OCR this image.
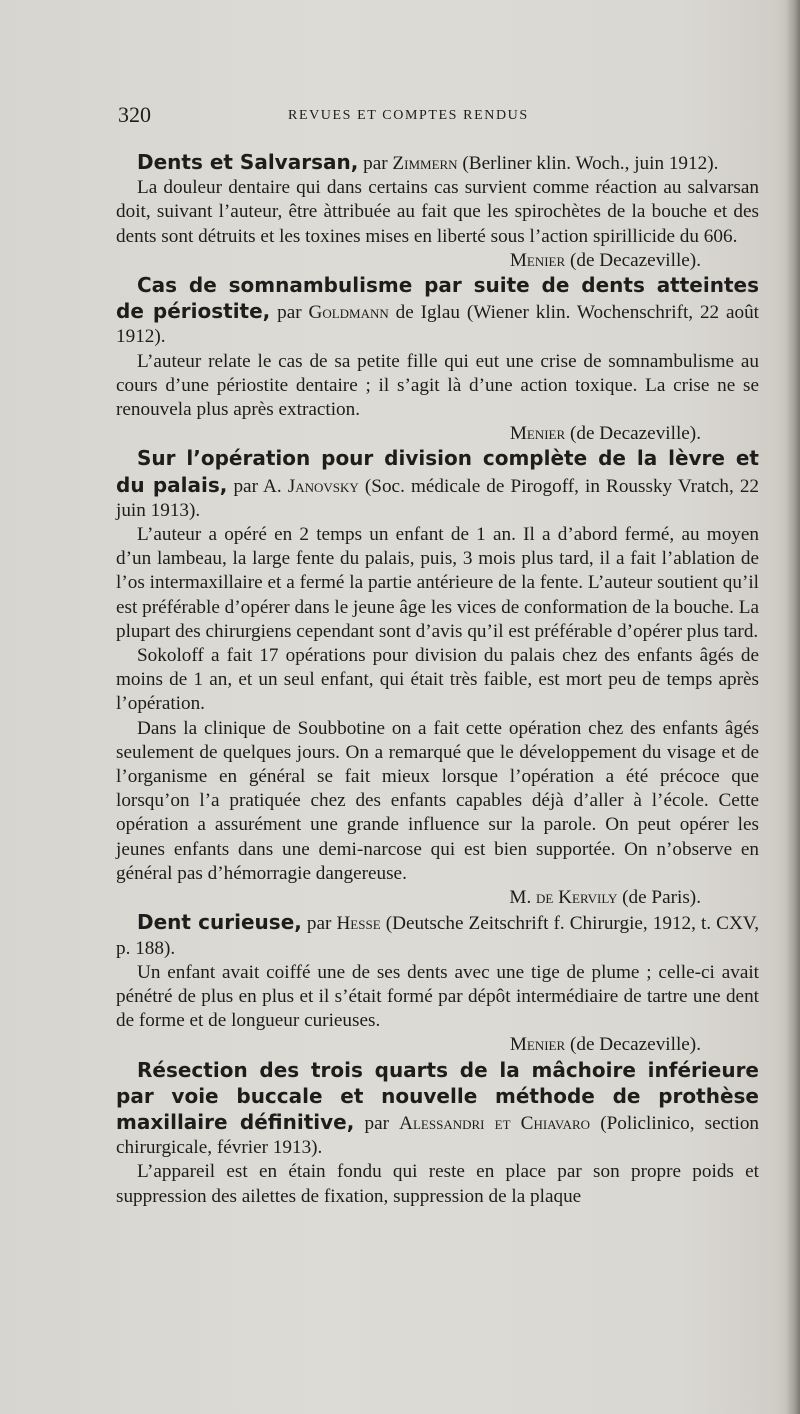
320	REVUES ET COMPTES RENDUS

Dents et Salvarsan, par Zimmern (Berliner klin. Woch., juin 1912).

La douleur dentaire qui dans certains cas survient comme réaction au salvarsan doit, suivant l’auteur, être àttribuée au fait que les spirochètes de la bouche et des dents sont détruits et les toxines mises en liberté sous l’action spirillicide du 606.

Menier (de Decazeville).

Cas de somnambulisme par suite de dents atteintes de périostite, par Goldmann de Iglau (Wiener klin. Wochenschrift, 22 août 1912).

L’auteur relate le cas de sa petite fille qui eut une crise de somnambulisme au cours d’une périostite dentaire ; il s’agit là d’une action toxique. La crise ne se renouvela plus après extraction.

Menier (de Decazeville).

Sur l’opération pour division complète de la lèvre et du palais, par A. Janovsky (Soc. médicale de Pirogoff, in Roussky Vratch, 22 juin 1913).

L’auteur a opéré en 2 temps un enfant de 1 an. Il a d’abord fermé, au moyen d’un lambeau, la large fente du palais, puis, 3 mois plus tard, il a fait l’ablation de l’os intermaxillaire et a fermé la partie antérieure de la fente. L’auteur soutient qu’il est préférable d’opérer dans le jeune âge les vices de conformation de la bouche. La plupart des chirurgiens cependant sont d’avis qu’il est préférable d’opérer plus tard.

Sokoloff a fait 17 opérations pour division du palais chez des enfants âgés de moins de 1 an, et un seul enfant, qui était très faible, est mort peu de temps après l’opération.

Dans la clinique de Soubbotine on a fait cette opération chez des enfants âgés seulement de quelques jours. On a remarqué que le développement du visage et de l’organisme en général se fait mieux lorsque l’opération a été précoce que lorsqu’on l’a pratiquée chez des enfants capables déjà d’aller à l’école. Cette opération a assurément une grande influence sur la parole. On peut opérer les jeunes enfants dans une demi-narcose qui est bien supportée. On n’observe en général pas d’hémorragie dangereuse.

M. de Kervily (de Paris).

Dent curieuse, par Hesse (Deutsche Zeitschrift f. Chirurgie, 1912, t. CXV, p. 188).

Un enfant avait coiffé une de ses dents avec une tige de plume ; celle-ci avait pénétré de plus en plus et il s’était formé par dépôt intermédiaire de tartre une dent de forme et de longueur curieuses.

Menier (de Decazeville).

Résection des trois quarts de la mâchoire inférieure par voie buccale et nouvelle méthode de prothèse maxillaire définitive, par Alessandri et Chiavaro (Policlinico, section chirurgicale, février 1913).

L’appareil est en étain fondu qui reste en place par son propre poids et suppression des ailettes de fixation, suppression de la plaque
